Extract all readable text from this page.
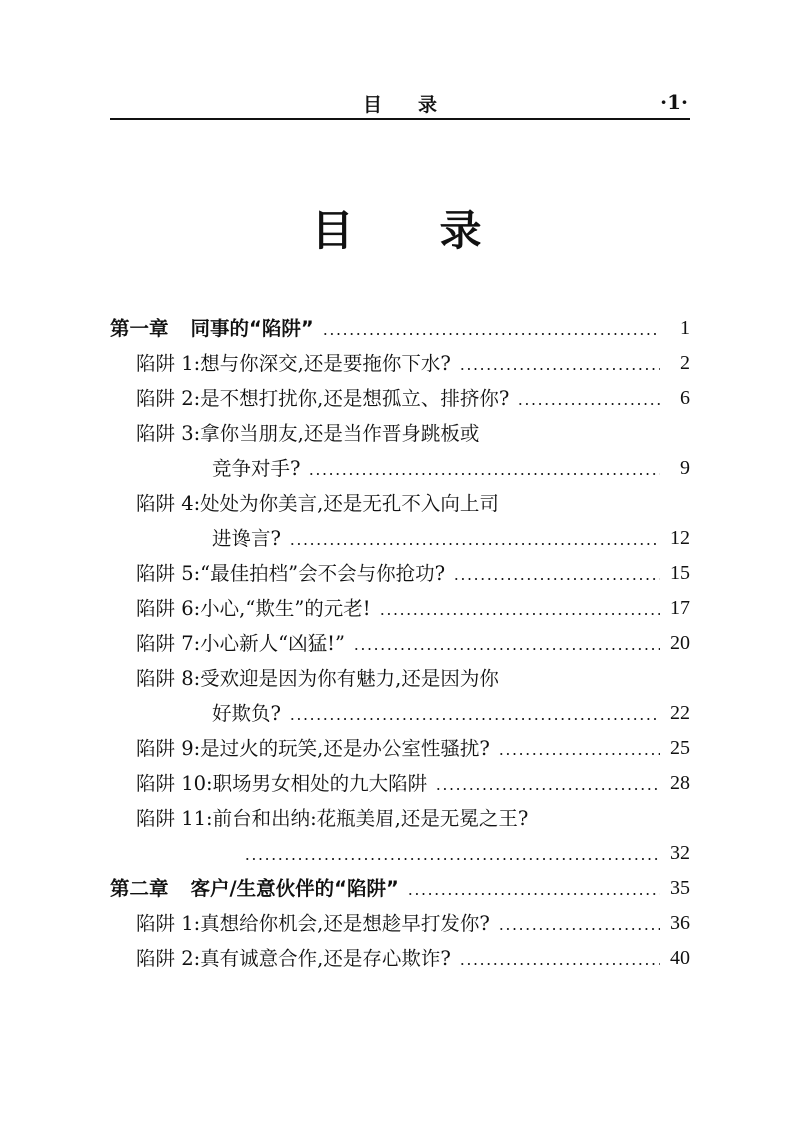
目录	·1·
目录
第一章 同事的“陷阱”	1
陷阱 1:想与你深交,还是要拖你下水?	2
陷阱 2:是不想打扰你,还是想孤立、排挤你?	6
陷阱 3:拿你当朋友,还是当作晋身跳板或
竞争对手?	9
陷阱 4:处处为你美言,还是无孔不入向上司
进谗言?	12
陷阱 5:“最佳拍档”会不会与你抢功?	15
陷阱 6:小心,“欺生”的元老!	17
陷阱 7:小心新人“凶猛!”	20
陷阱 8:受欢迎是因为你有魅力,还是因为你
好欺负?	22
陷阱 9:是过火的玩笑,还是办公室性骚扰?	25
陷阱 10:职场男女相处的九大陷阱	28
陷阱 11:前台和出纳:花瓶美眉,还是无冕之王?
32
第二章 客户/生意伙伴的“陷阱”	35
陷阱 1:真想给你机会,还是想趁早打发你?	36
陷阱 2:真有诚意合作,还是存心欺诈?	40
